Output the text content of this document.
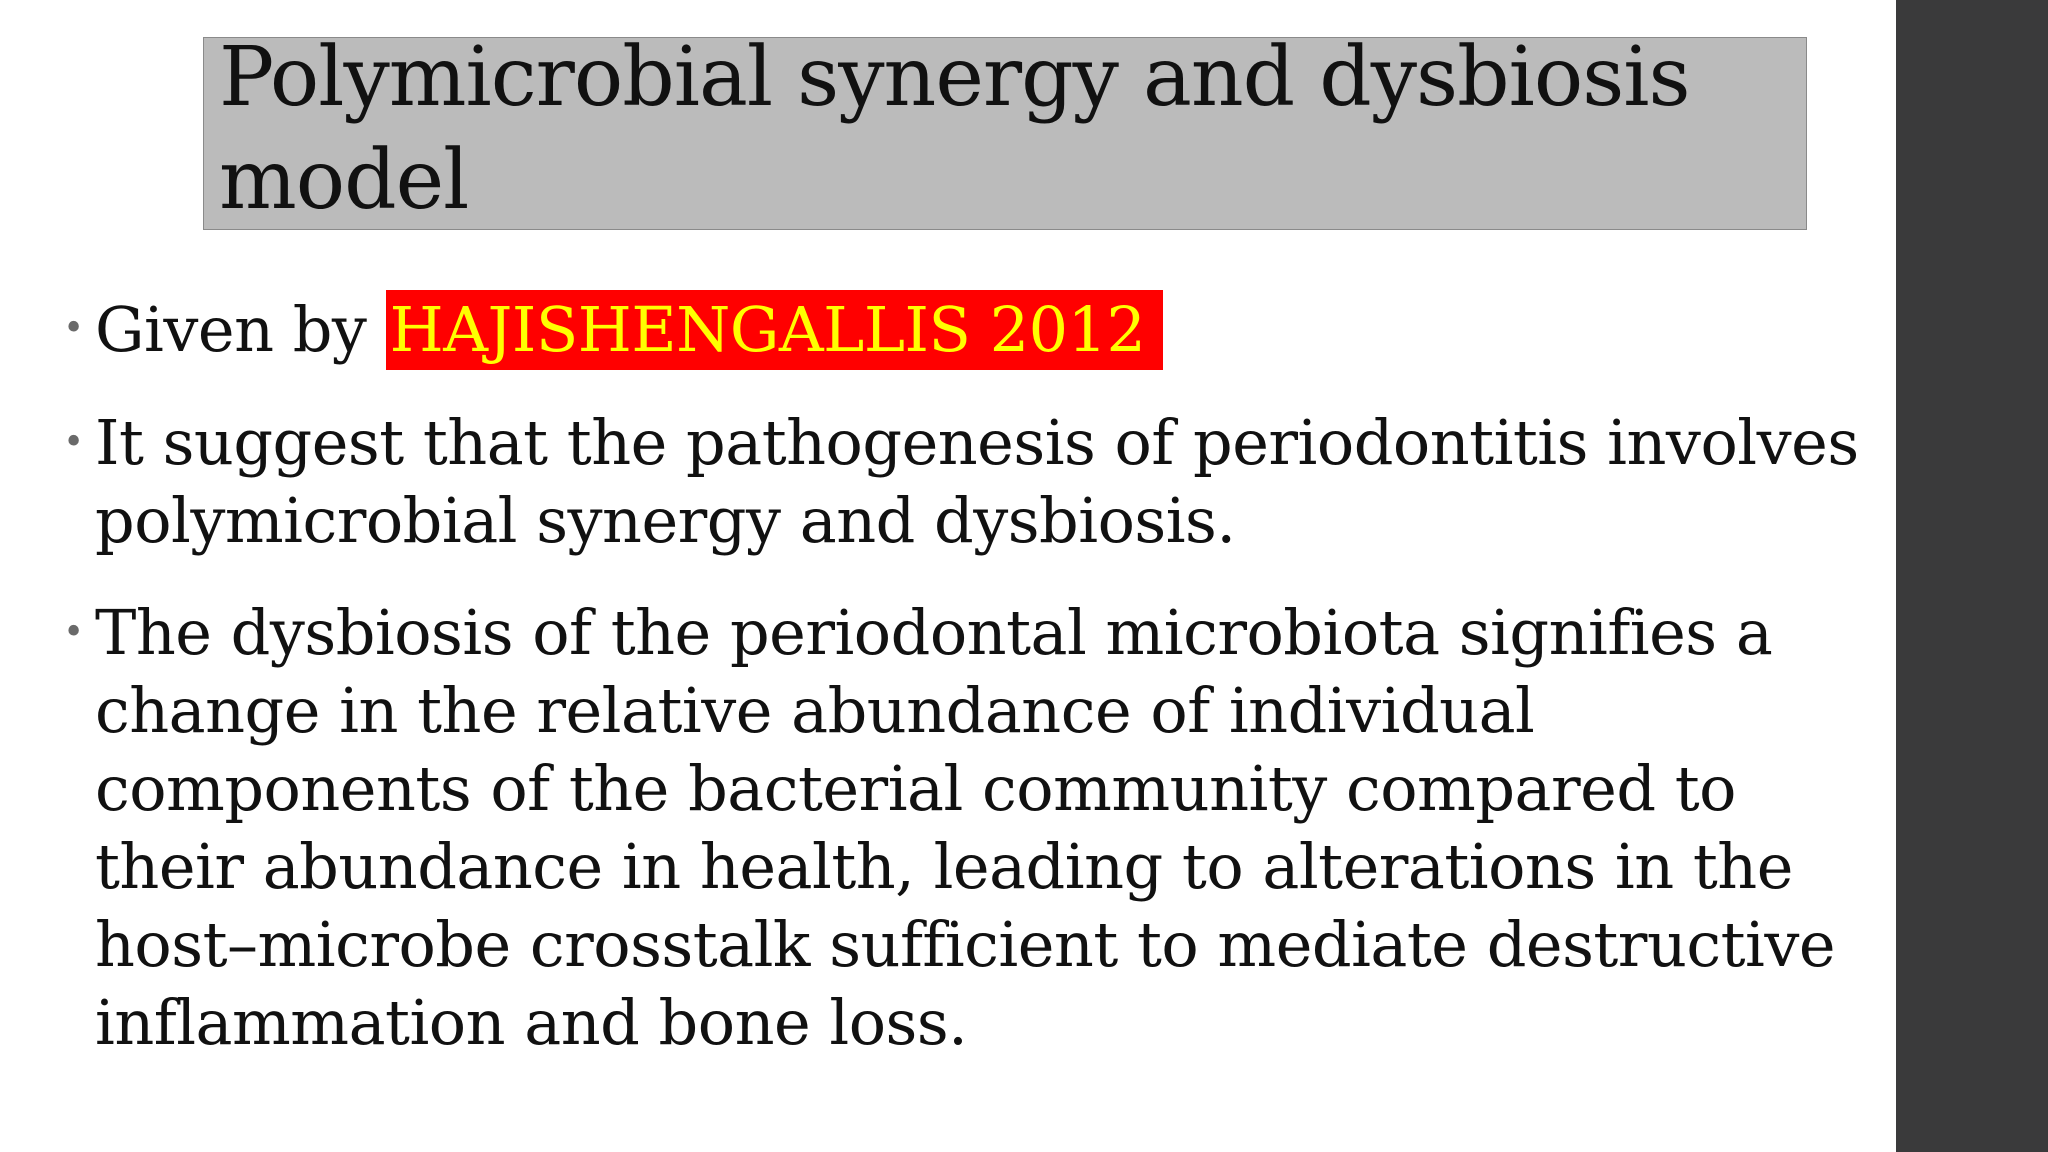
Polymicrobial synergy and dysbiosis model
• Given by HAJISHENGALLIS 2012
• It suggest that the pathogenesis of periodontitis involves
polymicrobial synergy and dysbiosis.
• The dysbiosis of the periodontal microbiota signifies a
change in the relative abundance of individual
components of the bacterial community compared to
their abundance in health, leading to alterations in the
host–microbe crosstalk sufficient to mediate destructive
inflammation and bone loss.
